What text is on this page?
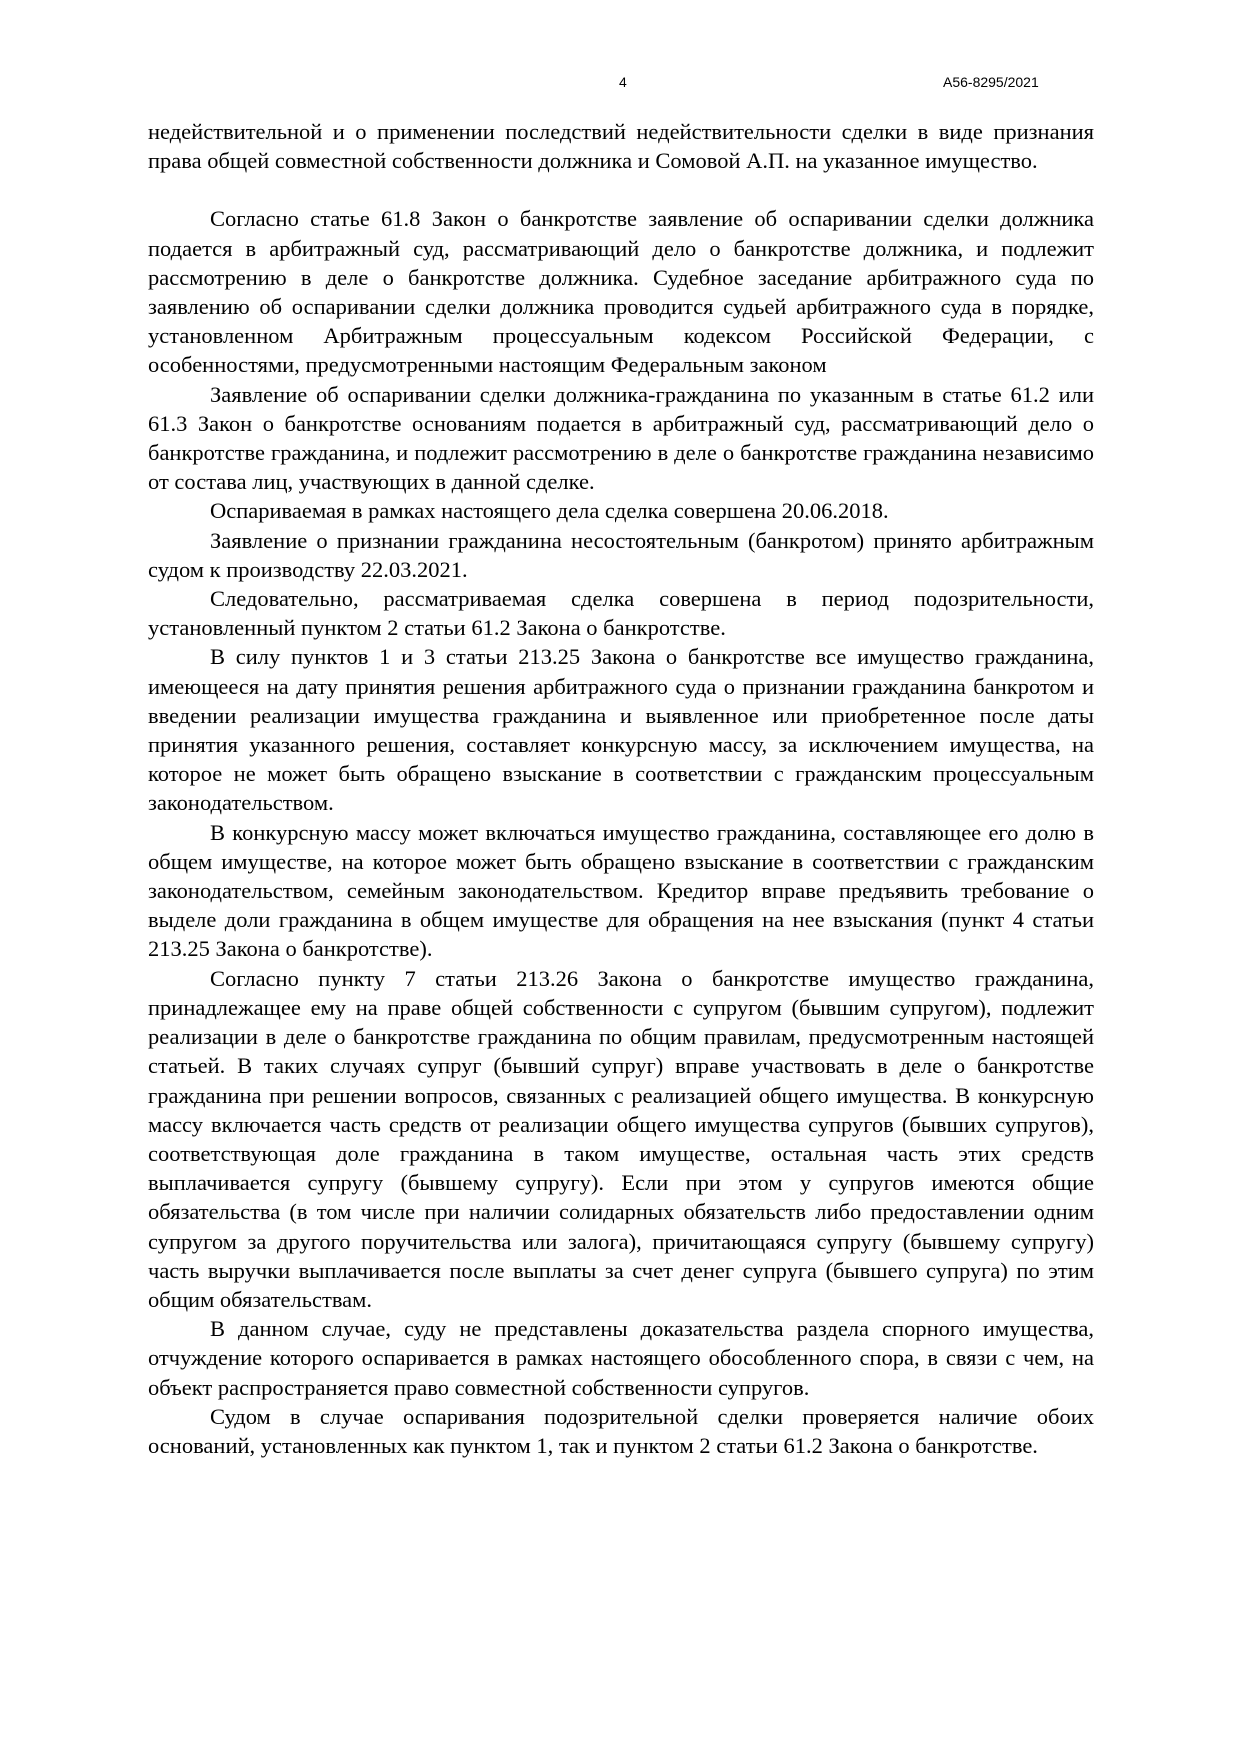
4	А56-8295/2021

недействительной и о применении последствий недействительности сделки в виде признания права общей совместной собственности должника и Сомовой А.П. на указанное имущество.

Согласно статье 61.8 Закон о банкротстве заявление об оспаривании сделки должника подается в арбитражный суд, рассматривающий дело о банкротстве должника, и подлежит рассмотрению в деле о банкротстве должника. Судебное заседание арбитражного суда по заявлению об оспаривании сделки должника проводится судьей арбитражного суда в порядке, установленном Арбитражным процессуальным кодексом Российской Федерации, с особенностями, предусмотренными настоящим Федеральным законом

Заявление об оспаривании сделки должника-гражданина по указанным в статье 61.2 или 61.3 Закон о банкротстве основаниям подается в арбитражный суд, рассматривающий дело о банкротстве гражданина, и подлежит рассмотрению в деле о банкротстве гражданина независимо от состава лиц, участвующих в данной сделке.

Оспариваемая в рамках настоящего дела сделка совершена 20.06.2018.

Заявление о признании гражданина несостоятельным (банкротом) принято арбитражным судом к производству 22.03.2021.

Следовательно, рассматриваемая сделка совершена в период подозрительности, установленный пунктом 2 статьи 61.2 Закона о банкротстве.

В силу пунктов 1 и 3 статьи 213.25 Закона о банкротстве все имущество гражданина, имеющееся на дату принятия решения арбитражного суда о признании гражданина банкротом и введении реализации имущества гражданина и выявленное или приобретенное после даты принятия указанного решения, составляет конкурсную массу, за исключением имущества, на которое не может быть обращено взыскание в соответствии с гражданским процессуальным законодательством.

В конкурсную массу может включаться имущество гражданина, составляющее его долю в общем имуществе, на которое может быть обращено взыскание в соответствии с гражданским законодательством, семейным законодательством. Кредитор вправе предъявить требование о выделе доли гражданина в общем имуществе для обращения на нее взыскания (пункт 4 статьи 213.25 Закона о банкротстве).

Согласно пункту 7 статьи 213.26 Закона о банкротстве имущество гражданина, принадлежащее ему на праве общей собственности с супругом (бывшим супругом), подлежит реализации в деле о банкротстве гражданина по общим правилам, предусмотренным настоящей статьей. В таких случаях супруг (бывший супруг) вправе участвовать в деле о банкротстве гражданина при решении вопросов, связанных с реализацией общего имущества. В конкурсную массу включается часть средств от реализации общего имущества супругов (бывших супругов), соответствующая доле гражданина в таком имуществе, остальная часть этих средств выплачивается супругу (бывшему супругу). Если при этом у супругов имеются общие обязательства (в том числе при наличии солидарных обязательств либо предоставлении одним супругом за другого поручительства или залога), причитающаяся супругу (бывшему супругу) часть выручки выплачивается после выплаты за счет денег супруга (бывшего супруга) по этим общим обязательствам.

В данном случае, суду не представлены доказательства раздела спорного имущества, отчуждение которого оспаривается в рамках настоящего обособленного спора, в связи с чем, на объект распространяется право совместной собственности супругов.

Судом в случае оспаривания подозрительной сделки проверяется наличие обоих оснований, установленных как пунктом 1, так и пунктом 2 статьи 61.2 Закона о банкротстве.
